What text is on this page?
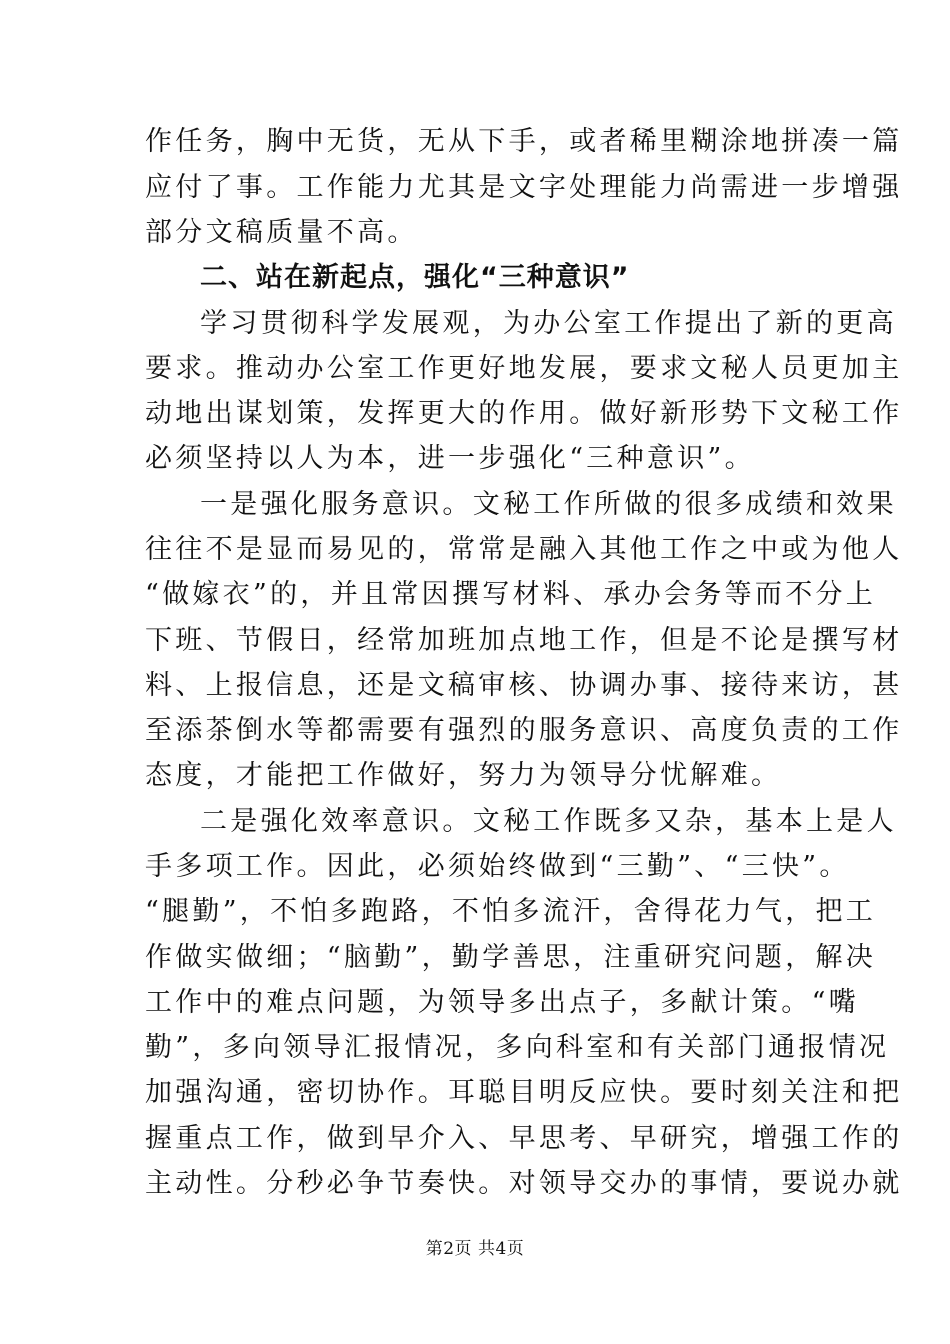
作任务，胸中无货，无从下手，或者稀里糊涂地拼凑一篇
应付了事。工作能力尤其是文字处理能力尚需进一步增强
部分文稿质量不高。
二、站在新起点，强化“三种意识”
学习贯彻科学发展观，为办公室工作提出了新的更高
要求。推动办公室工作更好地发展，要求文秘人员更加主
动地出谋划策，发挥更大的作用。做好新形势下文秘工作
必须坚持以人为本，进一步强化“三种意识”。
一是强化服务意识。文秘工作所做的很多成绩和效果
往往不是显而易见的，常常是融入其他工作之中或为他人
“做嫁衣”的，并且常因撰写材料、承办会务等而不分上
下班、节假日，经常加班加点地工作，但是不论是撰写材
料、上报信息，还是文稿审核、协调办事、接待来访，甚
至添茶倒水等都需要有强烈的服务意识、高度负责的工作
态度，才能把工作做好，努力为领导分忧解难。
二是强化效率意识。文秘工作既多又杂，基本上是人
手多项工作。因此，必须始终做到“三勤”、“三快”。
“腿勤”，不怕多跑路，不怕多流汗，舍得花力气，把工
作做实做细；“脑勤”，勤学善思，注重研究问题，解决
工作中的难点问题，为领导多出点子，多献计策。“嘴
勤”，多向领导汇报情况，多向科室和有关部门通报情况
加强沟通，密切协作。耳聪目明反应快。要时刻关注和把
握重点工作，做到早介入、早思考、早研究，增强工作的
主动性。分秒必争节奏快。对领导交办的事情，要说办就
第2页 共4页
